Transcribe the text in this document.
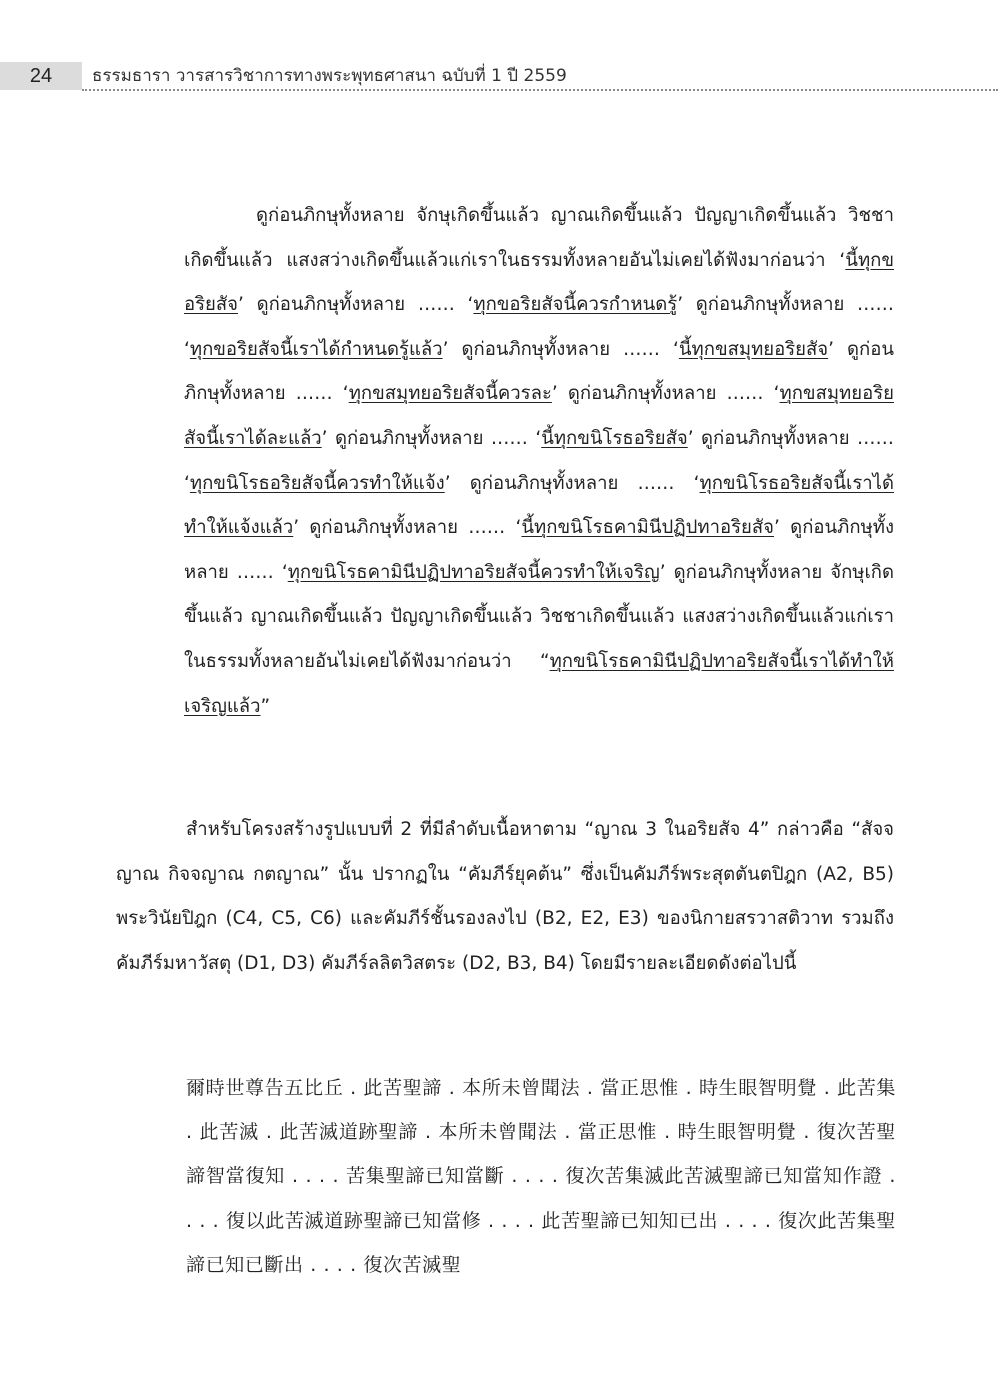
24	ธรรมธารา วารสารวิชาการทางพระพุทธศาสนา ฉบับที่ 1 ปี 2559

ดูก่อนภิกษุทั้งหลาย จักษุเกิดขึ้นแล้ว ญาณเกิดขึ้นแล้ว ปัญญาเกิดขึ้นแล้ว วิชชาเกิดขึ้นแล้ว แสงสว่างเกิดขึ้นแล้วแก่เราในธรรมทั้งหลายอันไม่เคยได้ฟังมาก่อนว่า ‘นี้ทุกขอริยสัจ’ ดูก่อนภิกษุทั้งหลาย …… ‘ทุกขอริยสัจนี้ควรกำหนดรู้’ ดูก่อนภิกษุทั้งหลาย …… ‘ทุกขอริยสัจนี้เราได้กำหนดรู้แล้ว’ ดูก่อนภิกษุทั้งหลาย …… ‘นี้ทุกขสมุทยอริยสัจ’ ดูก่อนภิกษุทั้งหลาย …… ‘ทุกขสมุทยอริยสัจนี้ควรละ’ ดูก่อนภิกษุทั้งหลาย …… ‘ทุกขสมุทยอริยสัจนี้เราได้ละแล้ว’ ดูก่อนภิกษุทั้งหลาย …… ‘นี้ทุกขนิโรธอริยสัจ’ ดูก่อนภิกษุทั้งหลาย …… ‘ทุกขนิโรธอริยสัจนี้ควรทำให้แจ้ง’ ดูก่อนภิกษุทั้งหลาย …… ‘ทุกขนิโรธอริยสัจนี้เราได้ทำให้แจ้งแล้ว’ ดูก่อนภิกษุทั้งหลาย …… ‘นี้ทุกขนิโรธคามินีปฏิปทาอริยสัจ’ ดูก่อนภิกษุทั้งหลาย …… ‘ทุกขนิโรธคามินีปฏิปทาอริยสัจนี้ควรทำให้เจริญ’ ดูก่อนภิกษุทั้งหลาย จักษุเกิดขึ้นแล้ว ญาณเกิดขึ้นแล้ว ปัญญาเกิดขึ้นแล้ว วิชชาเกิดขึ้นแล้ว แสงสว่างเกิดขึ้นแล้วแก่เราในธรรมทั้งหลายอันไม่เคยได้ฟังมาก่อนว่า “ทุกขนิโรธคามินีปฏิปทาอริยสัจนี้เราได้ทำให้เจริญแล้ว”

สำหรับโครงสร้างรูปแบบที่ 2 ที่มีลำดับเนื้อหาตาม “ญาณ 3 ในอริยสัจ 4” กล่าวคือ “สัจจญาณ กิจจญาณ กตญาณ” นั้น ปรากฏใน “คัมภีร์ยุคต้น” ซึ่งเป็นคัมภีร์พระสุตตันตปิฎก (A2, B5) พระวินัยปิฎก (C4, C5, C6) และคัมภีร์ชั้นรองลงไป (B2, E2, E3) ของนิกายสรวาสติวาท รวมถึงคัมภีร์มหาวัสตุ (D1, D3) คัมภีร์ลลิตวิสตระ (D2, B3, B4) โดยมีรายละเอียดดังต่อไปนี้

爾時世尊告五比丘 . 此苦聖諦 . 本所未曾聞法 . 當正思惟 . 時生眼智明覺 . 此苦集 . 此苦滅 . 此苦滅道跡聖諦 . 本所未曾聞法 . 當正思惟 . 時生眼智明覺 . 復次苦聖諦智當復知 . . . . 苦集聖諦已知當斷 . . . . 復次苦集滅此苦滅聖諦已知當知作證 . . . . 復以此苦滅道跡聖諦已知當修 . . . . 此苦聖諦已知知已出 . . . . 復次此苦集聖諦已知已斷出 . . . . 復次苦滅聖
